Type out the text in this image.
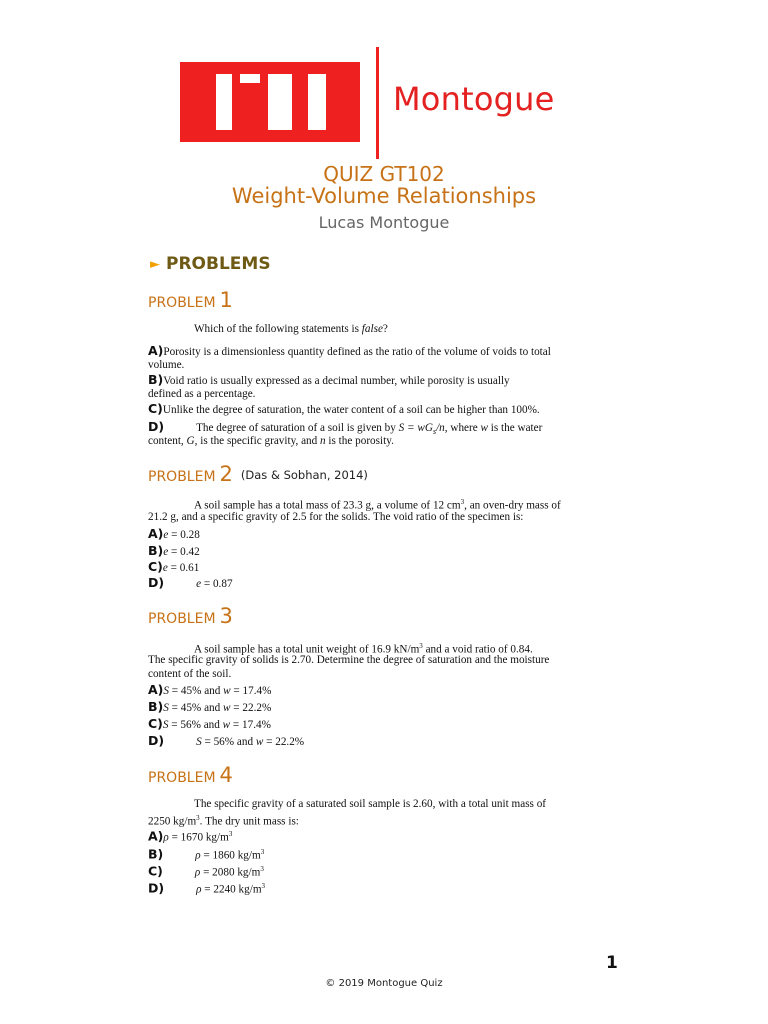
Montogue
QUIZ GT102
Weight-Volume Relationships
Lucas Montogue
► PROBLEMS
PROBLEM 1
Which of the following statements is false?
A)Porosity is a dimensionless quantity defined as the ratio of the volume of voids to total
volume.
B)Void ratio is usually expressed as a decimal number, while porosity is usually
defined as a percentage.
C)Unlike the degree of saturation, the water content of a soil can be higher than 100%.
D)	The degree of saturation of a soil is given by $S = wG_s/n$, where w is the water
content, G, is the specific gravity, and n is the porosity.
PROBLEM 2 (Das & Sobhan, 2014)
A soil sample has a total mass of 23.3 g, a volume of 12 $cm^3$, an oven-dry mass of
21.2 g, and a specific gravity of 2.5 for the solids. The void ratio of the specimen is:
A)e = 0.28
B)e = 0.42
C)e = 0.61
D)	e = 0.87
PROBLEM 3
A soil sample has a total unit weight of 16.9 $kN/m^3$ and a void ratio of 0.84.
The specific gravity of solids is 2.70. Determine the degree of saturation and the moisture
content of the soil.
A)S = 45% and w = 17.4%
B)S = 45% and w = 22.2%
C)S = 56% and w = 17.4%
D)	S = 56% and w = 22.2%
PROBLEM 4
The specific gravity of a saturated soil sample is 2.60, with a total unit mass of
2250 $kg/m^3$. The dry unit mass is:
A)ρ = 1670 $kg/m^3$
B)	ρ = 1860 $kg/m^3$
C)	ρ = 2080 $kg/m^3$
D)	ρ = 2240 $kg/m^3$
1
© 2019 Montogue Quiz
